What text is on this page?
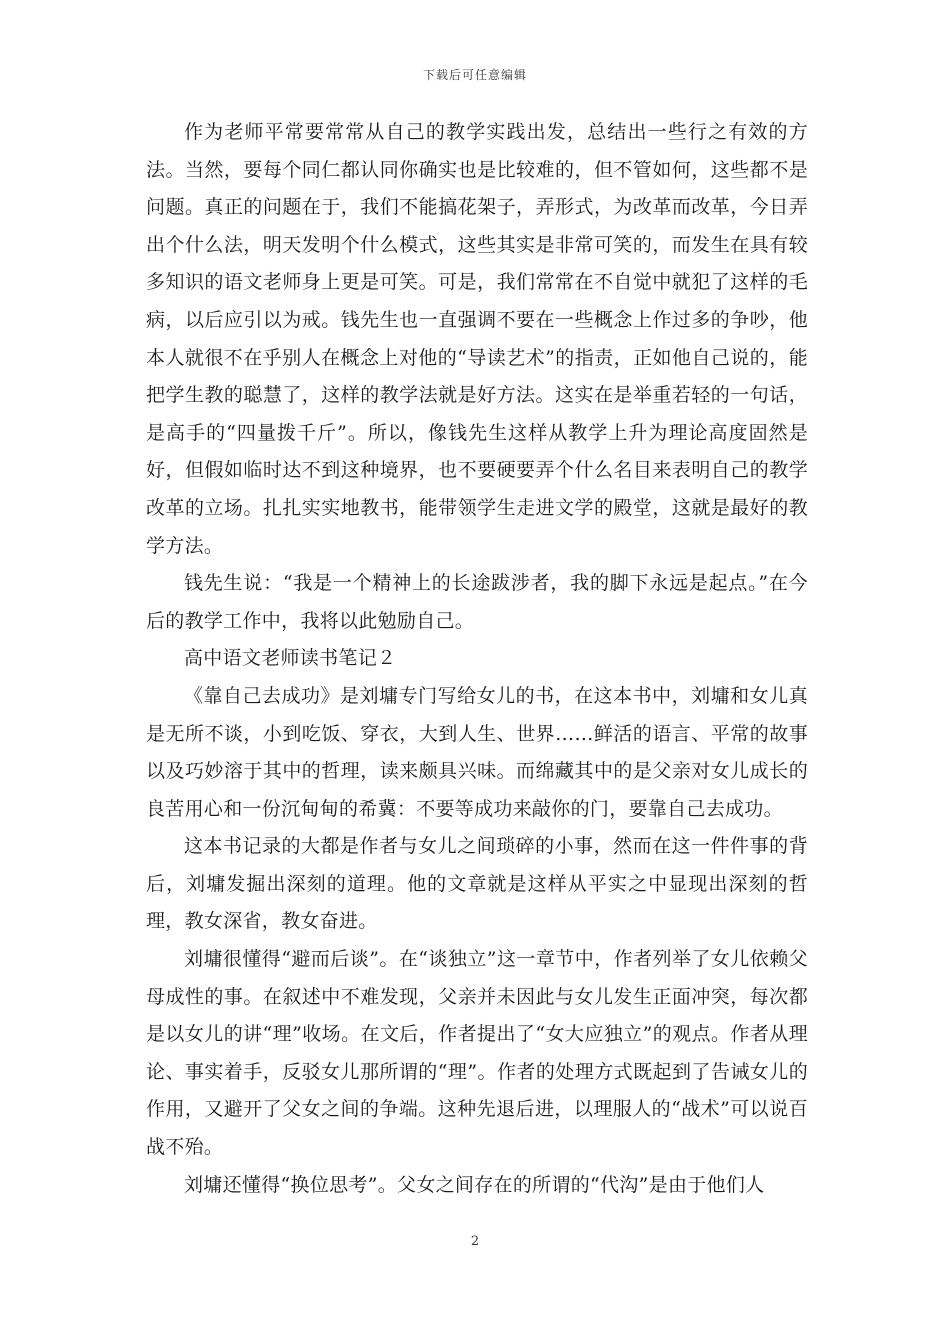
下载后可任意编辑

作为老师平常要常常从自己的教学实践出发，总结出一些行之有效的方法。当然，要每个同仁都认同你确实也是比较难的，但不管如何，这些都不是问题。真正的问题在于，我们不能搞花架子，弄形式，为改革而改革，今日弄出个什么法，明天发明个什么模式，这些其实是非常可笑的，而发生在具有较多知识的语文老师身上更是可笑。可是，我们常常在不自觉中就犯了这样的毛病，以后应引以为戒。钱先生也一直强调不要在一些概念上作过多的争吵，他本人就很不在乎别人在概念上对他的“导读艺术”的指责，正如他自己说的，能把学生教的聪慧了，这样的教学法就是好方法。这实在是举重若轻的一句话，是高手的“四量拨千斤”。所以，像钱先生这样从教学上升为理论高度固然是好，但假如临时达不到这种境界，也不要硬要弄个什么名目来表明自己的教学改革的立场。扎扎实实地教书，能带领学生走进文学的殿堂，这就是最好的教学方法。

钱先生说：“我是一个精神上的长途跋涉者，我的脚下永远是起点。”在今后的教学工作中，我将以此勉励自己。

高中语文老师读书笔记２

《靠自己去成功》是刘墉专门写给女儿的书，在这本书中，刘墉和女儿真是无所不谈，小到吃饭、穿衣，大到人生、世界……鲜活的语言、平常的故事以及巧妙溶于其中的哲理，读来颇具兴味。而绵藏其中的是父亲对女儿成长的良苦用心和一份沉甸甸的希冀：不要等成功来敲你的门，要靠自己去成功。

这本书记录的大都是作者与女儿之间琐碎的小事，然而在这一件件事的背后，刘墉发掘出深刻的道理。他的文章就是这样从平实之中显现出深刻的哲理，教女深省，教女奋进。

刘墉很懂得“避而后谈”。在“谈独立”这一章节中，作者列举了女儿依赖父母成性的事。在叙述中不难发现，父亲并未因此与女儿发生正面冲突，每次都是以女儿的讲“理”收场。在文后，作者提出了“女大应独立”的观点。作者从理论、事实着手，反驳女儿那所谓的“理”。作者的处理方式既起到了告诫女儿的作用，又避开了父女之间的争端。这种先退后进，以理服人的“战术”可以说百战不殆。

刘墉还懂得“换位思考”。父女之间存在的所谓的“代沟”是由于他们人

2
